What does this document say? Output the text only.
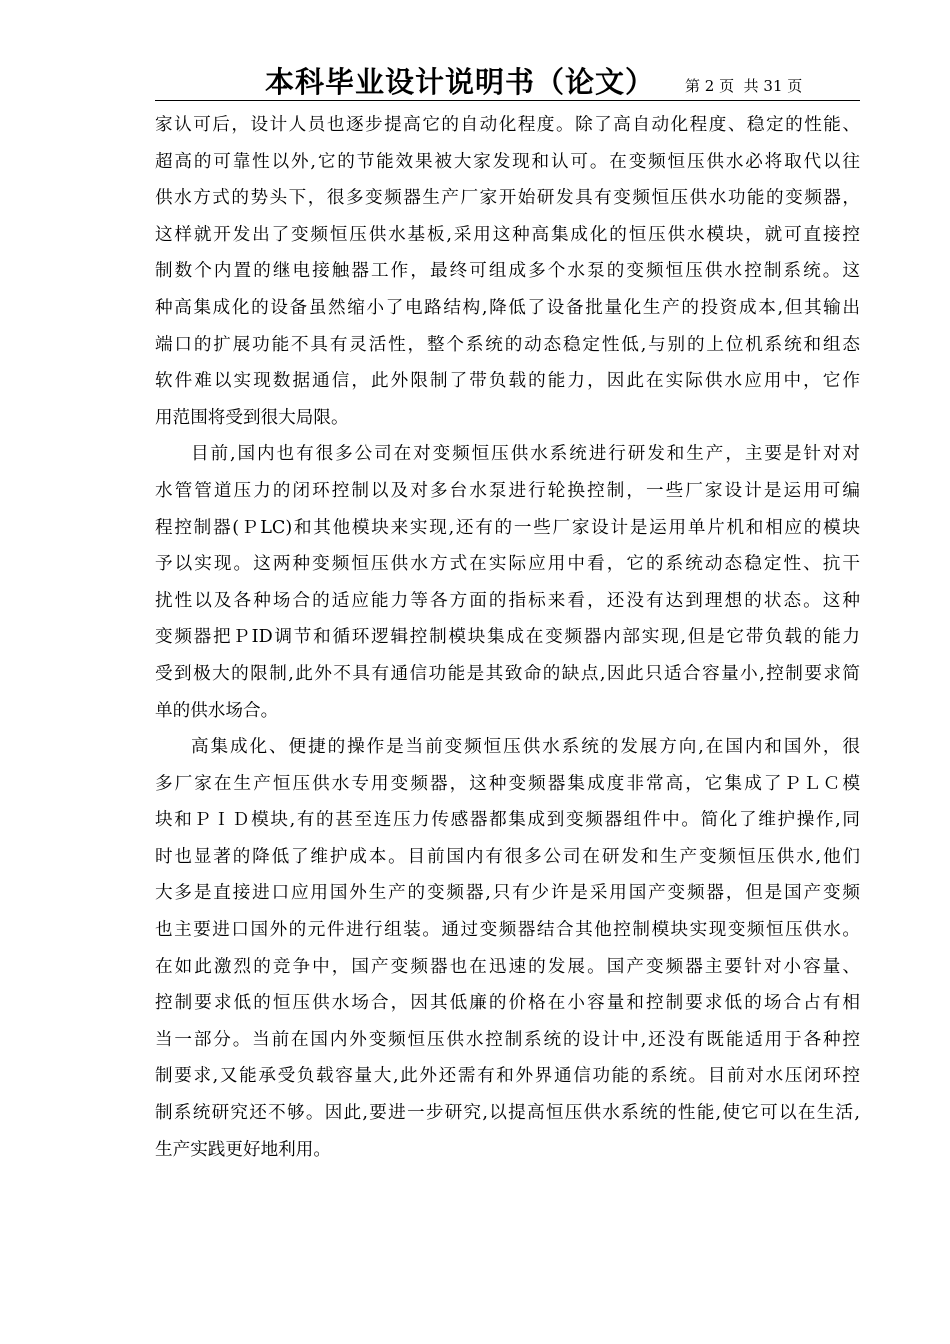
本科毕业设计说明书（论文） 第 2 页 共 31 页
家认可后，设计人员也逐步提高它的自动化程度。除了高自动化程度、稳定的性能、
超高的可靠性以外,它的节能效果被大家发现和认可。在变频恒压供水必将取代以往
供水方式的势头下，很多变频器生产厂家开始研发具有变频恒压供水功能的变频器，
这样就开发出了变频恒压供水基板,采用这种高集成化的恒压供水模块，就可直接控
制数个内置的继电接触器工作，最终可组成多个水泵的变频恒压供水控制系统。这
种高集成化的设备虽然缩小了电路结构,降低了设备批量化生产的投资成本,但其输出
端口的扩展功能不具有灵活性，整个系统的动态稳定性低,与别的上位机系统和组态
软件难以实现数据通信，此外限制了带负载的能力，因此在实际供水应用中，它作
用范围将受到很大局限。
目前,国内也有很多公司在对变频恒压供水系统进行研发和生产，主要是针对对
水管管道压力的闭环控制以及对多台水泵进行轮换控制，一些厂家设计是运用可编
程控制器(ＰLC)和其他模块来实现,还有的一些厂家设计是运用单片机和相应的模块
予以实现。这两种变频恒压供水方式在实际应用中看，它的系统动态稳定性、抗干
扰性以及各种场合的适应能力等各方面的指标来看，还没有达到理想的状态。这种
变频器把ＰID调节和循环逻辑控制模块集成在变频器内部实现,但是它带负载的能力
受到极大的限制,此外不具有通信功能是其致命的缺点,因此只适合容量小,控制要求简
单的供水场合。
高集成化、便捷的操作是当前变频恒压供水系统的发展方向,在国内和国外，很
多厂家在生产恒压供水专用变频器，这种变频器集成度非常高，它集成了ＰＬＣ模
块和ＰＩＤ模块,有的甚至连压力传感器都集成到变频器组件中。简化了维护操作,同
时也显著的降低了维护成本。目前国内有很多公司在研发和生产变频恒压供水,他们
大多是直接进口应用国外生产的变频器,只有少许是采用国产变频器，但是国产变频
也主要进口国外的元件进行组装。通过变频器结合其他控制模块实现变频恒压供水。
在如此激烈的竞争中，国产变频器也在迅速的发展。国产变频器主要针对小容量、
控制要求低的恒压供水场合，因其低廉的价格在小容量和控制要求低的场合占有相
当一部分。当前在国内外变频恒压供水控制系统的设计中,还没有既能适用于各种控
制要求,又能承受负载容量大,此外还需有和外界通信功能的系统。目前对水压闭环控
制系统研究还不够。因此,要进一步研究,以提高恒压供水系统的性能,使它可以在生活,
生产实践更好地利用。
